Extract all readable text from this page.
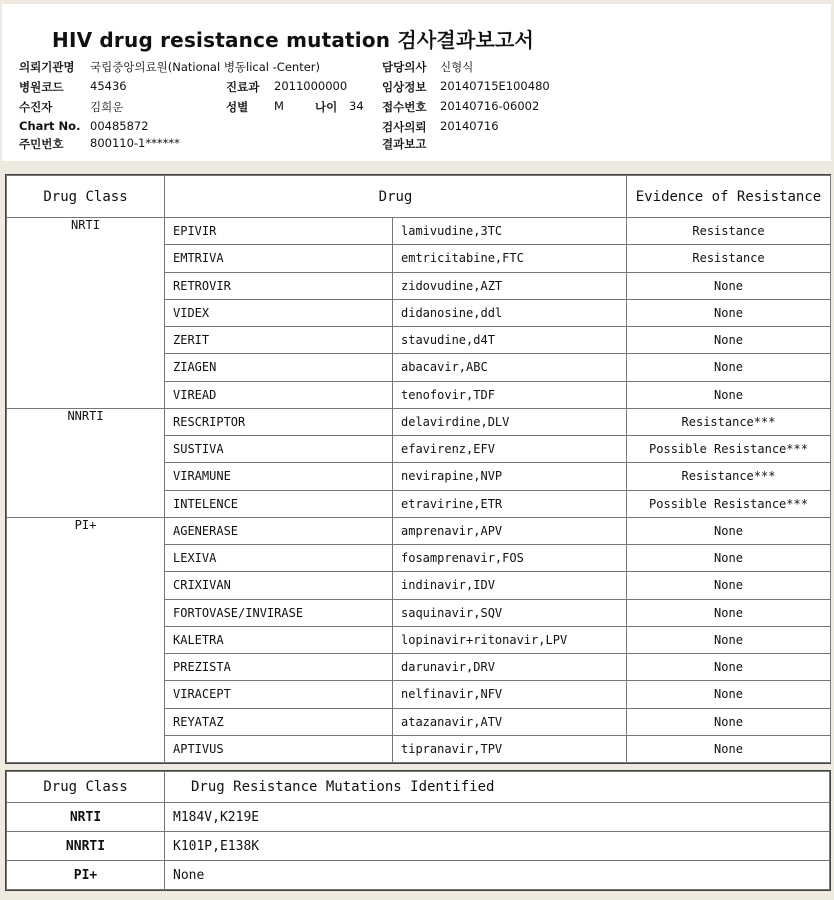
HIV drug resistance mutation 검사결과보고서
의뢰기관명 국립중앙의료원(National 병동lical -Center)
병원코드 45436	진료과 2011000000
수진자	김희운	성별 M	나이 34
Chart No. 00485872
주민번호 800110-1******
담당의사 신형식
임상정보 20140715E100480
접수번호 20140716-06002
검사의뢰 20140716
결과보고
Drug Class	Drug		Evidence of Resistance
NRTI	EPIVIR	lamivudine,3TC	Resistance
	EMTRIVA	emtricitabine,FTC	Resistance
	RETROVIR	zidovudine,AZT	None
	VIDEX	didanosine,ddl	None
	ZERIT	stavudine,d4T	None
	ZIAGEN	abacavir,ABC	None
	VIREAD	tenofovir,TDF	None
NNRTI	RESCRIPTOR	delavirdine,DLV	Resistance***
	SUSTIVA	efavirenz,EFV	Possible Resistance***
	VIRAMUNE	nevirapine,NVP	Resistance***
	INTELENCE	etravirine,ETR	Possible Resistance***
PI+	AGENERASE	amprenavir,APV	None
	LEXIVA	fosamprenavir,FOS	None
	CRIXIVAN	indinavir,IDV	None
	FORTOVASE/INVIRASE	saquinavir,SQV	None
	KALETRA	lopinavir+ritonavir,LPV	None
	PREZISTA	darunavir,DRV	None
	VIRACEPT	nelfinavir,NFV	None
	REYATAZ	atazanavir,ATV	None
	APTIVUS	tipranavir,TPV	None
Drug Class	Drug Resistance Mutations Identified
NRTI	M184V,K219E
NNRTI	K101P,E138K
PI+	None
